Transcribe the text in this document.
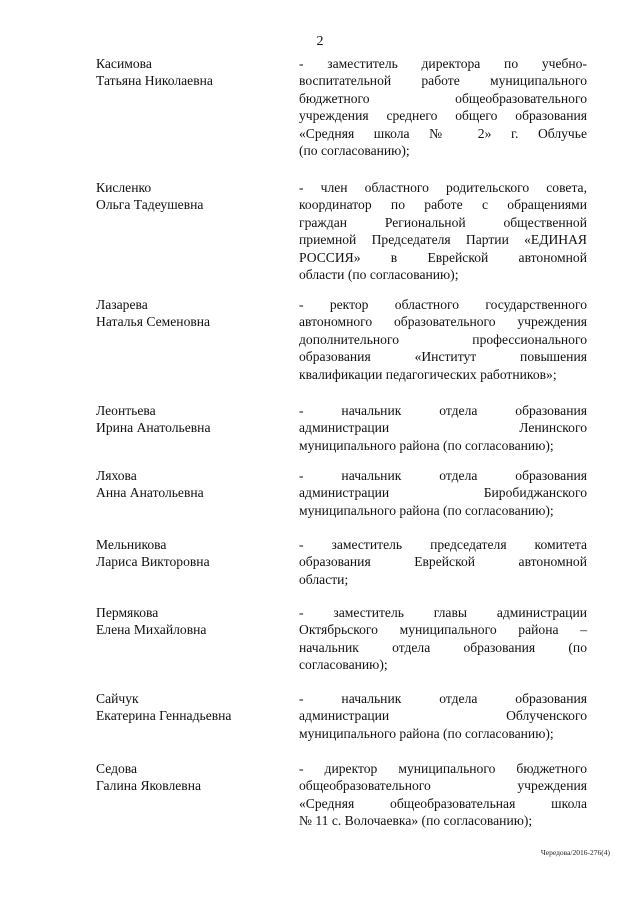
2
Касимова
Татьяна Николаевна
- заместитель директора по учебно-
воспитательной работе муниципального
бюджетного общеобразовательного
учреждения среднего общего образования
«Средняя школа № 2» г. Облучье
(по согласованию);
Кисленко
Ольга Тадеушевна
- член областного родительского совета,
координатор по работе с обращениями
граждан Региональной общественной
приемной Председателя Партии «ЕДИНАЯ
РОССИЯ» в Еврейской автономной
области (по согласованию);
Лазарева
Наталья Семеновна
- ректор областного государственного
автономного образовательного учреждения
дополнительного профессионального
образования «Институт повышения
квалификации педагогических работников»;
Леонтьева
Ирина Анатольевна
- начальник отдела образования
администрации Ленинского
муниципального района (по согласованию);
Ляхова
Анна Анатольевна
- начальник отдела образования
администрации Биробиджанского
муниципального района (по согласованию);
Мельникова
Лариса Викторовна
- заместитель председателя комитета
образования Еврейской автономной
области;
Пермякова
Елена Михайловна
- заместитель главы администрации
Октябрьского муниципального района –
начальник отдела образования (по
согласованию);
Сайчук
Екатерина Геннадьевна
- начальник отдела образования
администрации Облученского
муниципального района (по согласованию);
Седова
Галина Яковлевна
- директор муниципального бюджетного
общеобразовательного учреждения
«Средняя общеобразовательная школа
№ 11 с. Волочаевка» (по согласованию);
Чередова/2016-276(4)
